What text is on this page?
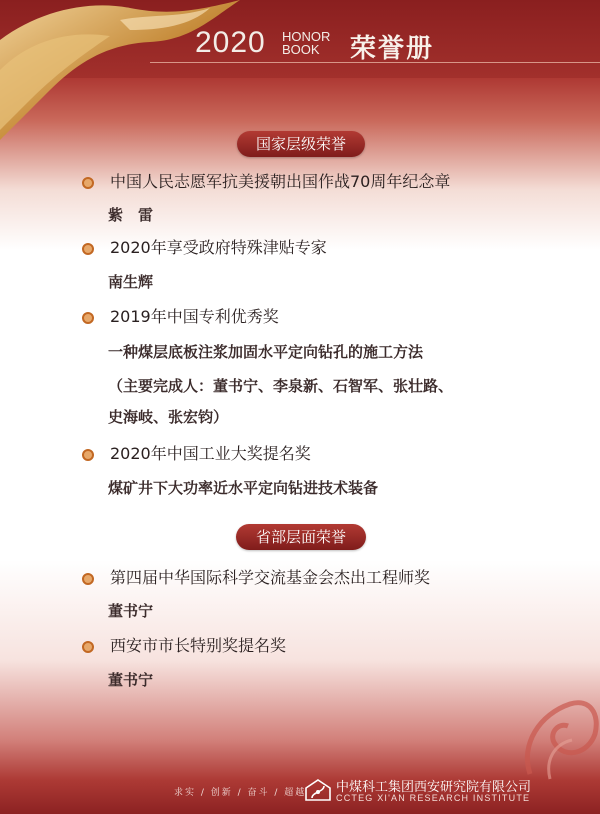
2020 HONOR
BOOK	荣誉册
国家层级荣誉
中国人民志愿军抗美援朝出国作战70周年纪念章
紫　雷
2020年享受政府特殊津贴专家
南生辉
2019年中国专利优秀奖
一种煤层底板注浆加固水平定向钻孔的施工方法
（主要完成人：董书宁、李泉新、石智军、张壮路、
史海岐、张宏钧）
2020年中国工业大奖提名奖
煤矿井下大功率近水平定向钻进技术装备
省部层面荣誉
第四届中华国际科学交流基金会杰出工程师奖
董书宁
西安市市长特别奖提名奖
董书宁
求实 / 创新 / 奋斗 / 超越 中煤科工集团西安研究院有限公司
CCTEG XI'AN RESEARCH INSTITUTE
